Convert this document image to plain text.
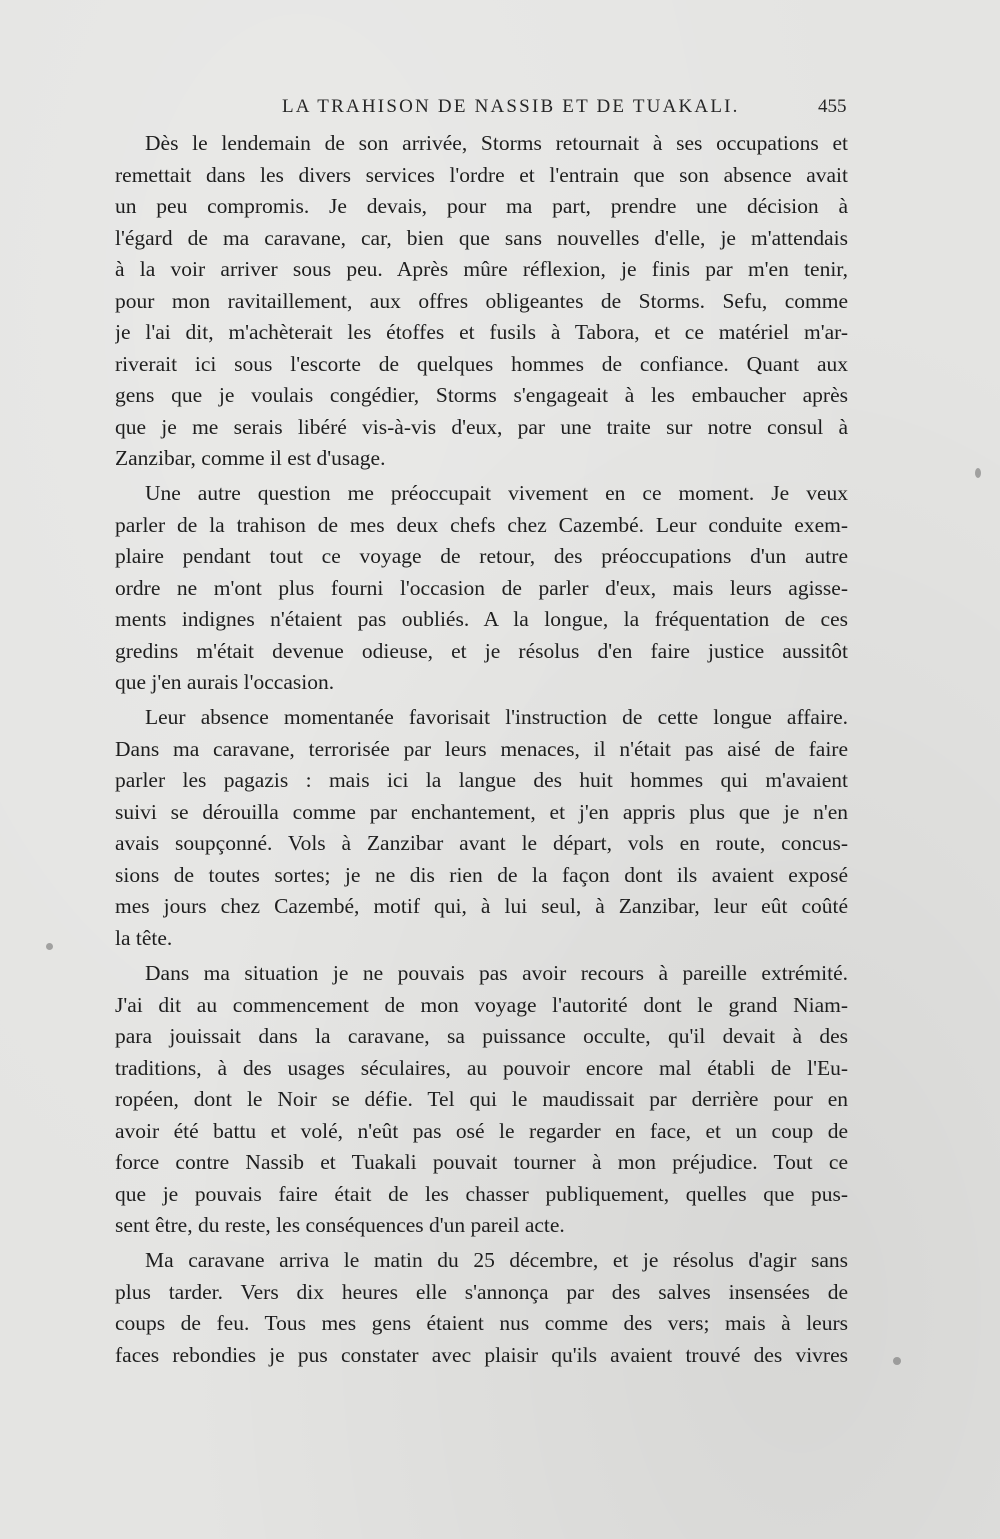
LA TRAHISON DE NASSIB ET DE TUAKALI.	455
Dès le lendemain de son arrivée, Storms retournait à ses occupations et
remettait dans les divers services l'ordre et l'entrain que son absence avait
un peu compromis. Je devais, pour ma part, prendre une décision à
l'égard de ma caravane, car, bien que sans nouvelles d'elle, je m'attendais
à la voir arriver sous peu. Après mûre réflexion, je finis par m'en tenir,
pour mon ravitaillement, aux offres obligeantes de Storms. Sefu, comme
je l'ai dit, m'achèterait les étoffes et fusils à Tabora, et ce matériel m'ar-
riverait ici sous l'escorte de quelques hommes de confiance. Quant aux
gens que je voulais congédier, Storms s'engageait à les embaucher après
que je me serais libéré vis-à-vis d'eux, par une traite sur notre consul à
Zanzibar, comme il est d'usage.
Une autre question me préoccupait vivement en ce moment. Je veux
parler de la trahison de mes deux chefs chez Cazembé. Leur conduite exem-
plaire pendant tout ce voyage de retour, des préoccupations d'un autre
ordre ne m'ont plus fourni l'occasion de parler d'eux, mais leurs agisse-
ments indignes n'étaient pas oubliés. A la longue, la fréquentation de ces
gredins m'était devenue odieuse, et je résolus d'en faire justice aussitôt
que j'en aurais l'occasion.
Leur absence momentanée favorisait l'instruction de cette longue affaire.
Dans ma caravane, terrorisée par leurs menaces, il n'était pas aisé de faire
parler les pagazis : mais ici la langue des huit hommes qui m'avaient
suivi se dérouilla comme par enchantement, et j'en appris plus que je n'en
avais soupçonné. Vols à Zanzibar avant le départ, vols en route, concus-
sions de toutes sortes; je ne dis rien de la façon dont ils avaient exposé
mes jours chez Cazembé, motif qui, à lui seul, à Zanzibar, leur eût coûté
la tête.
Dans ma situation je ne pouvais pas avoir recours à pareille extrémité.
J'ai dit au commencement de mon voyage l'autorité dont le grand Niam-
para jouissait dans la caravane, sa puissance occulte, qu'il devait à des
traditions, à des usages séculaires, au pouvoir encore mal établi de l'Eu-
ropéen, dont le Noir se défie. Tel qui le maudissait par derrière pour en
avoir été battu et volé, n'eût pas osé le regarder en face, et un coup de
force contre Nassib et Tuakali pouvait tourner à mon préjudice. Tout ce
que je pouvais faire était de les chasser publiquement, quelles que pus-
sent être, du reste, les conséquences d'un pareil acte.
Ma caravane arriva le matin du 25 décembre, et je résolus d'agir sans
plus tarder. Vers dix heures elle s'annonça par des salves insensées de
coups de feu. Tous mes gens étaient nus comme des vers; mais à leurs
faces rebondies je pus constater avec plaisir qu'ils avaient trouvé des vivres
